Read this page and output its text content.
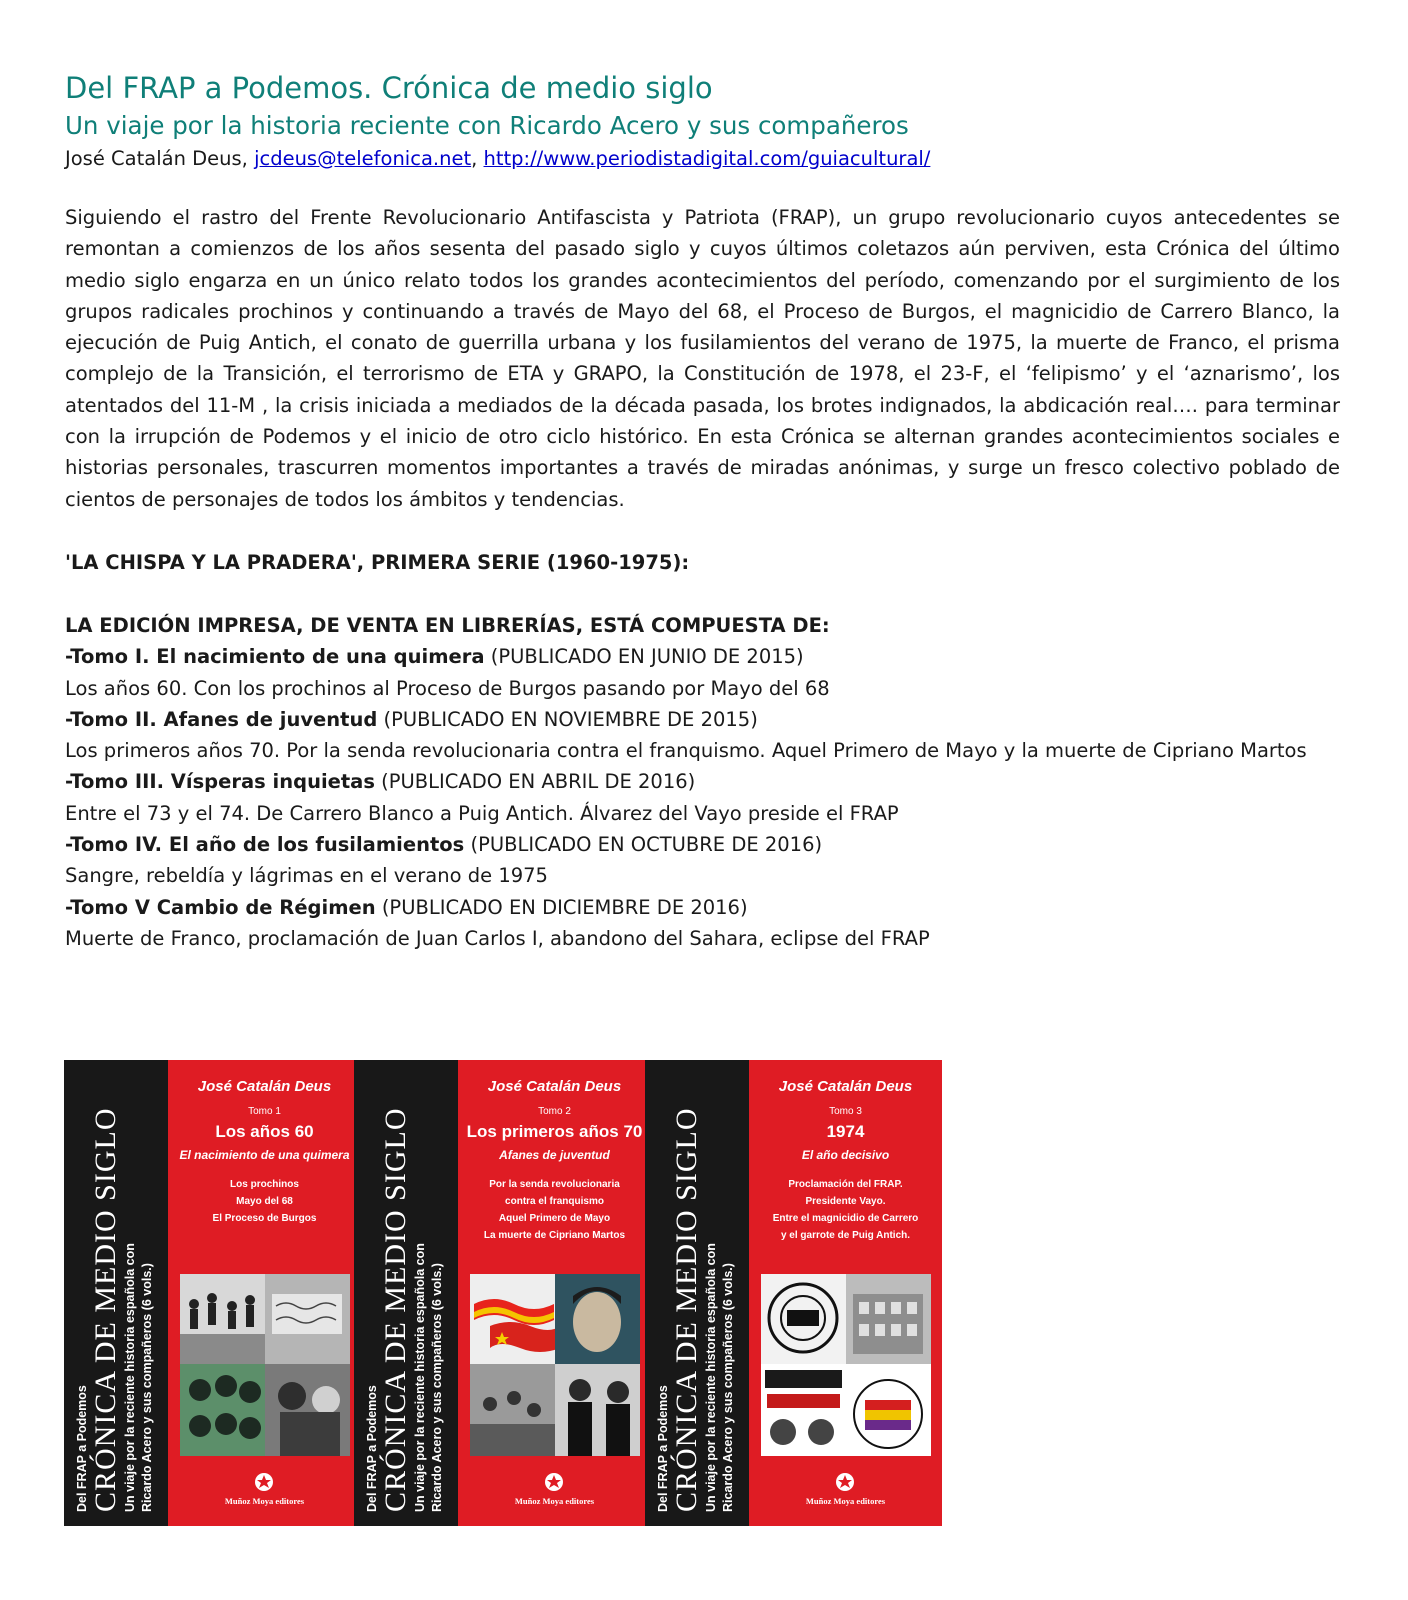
Del FRAP a Podemos. Crónica de medio siglo
Un viaje por la historia reciente con Ricardo Acero y sus compañeros

José Catalán Deus, jcdeus@telefonica.net, http://www.periodistadigital.com/guiacultural/

Siguiendo el rastro del Frente Revolucionario Antifascista y Patriota (FRAP), un grupo revolucionario cuyos antecedentes se remontan a comienzos de los años sesenta del pasado siglo y cuyos últimos coletazos aún perviven, esta Crónica del último medio siglo engarza en un único relato todos los grandes acontecimientos del período, comenzando por el surgimiento de los grupos radicales prochinos y continuando a través de Mayo del 68, el Proceso de Burgos, el magnicidio de Carrero Blanco, la ejecución de Puig Antich, el conato de guerrilla urbana y los fusilamientos del verano de 1975, la muerte de Franco, el prisma complejo de la Transición, el terrorismo de ETA y GRAPO, la Constitución de 1978, el 23-F, el ‘felipismo’ y el ‘aznarismo’, los atentados del 11-M , la crisis iniciada a mediados de la década pasada, los brotes indignados, la abdicación real…. para terminar con la irrupción de Podemos y el inicio de otro ciclo histórico. En esta Crónica se alternan grandes acontecimientos sociales e historias personales, trascurren momentos importantes a través de miradas anónimas, y surge un fresco colectivo poblado de cientos de personajes de todos los ámbitos y tendencias.

'LA CHISPA Y LA PRADERA', PRIMERA SERIE (1960-1975):

LA EDICIÓN IMPRESA, DE VENTA EN LIBRERÍAS, ESTÁ COMPUESTA DE:
-Tomo I. El nacimiento de una quimera (PUBLICADO EN JUNIO DE 2015)
Los años 60. Con los prochinos al Proceso de Burgos pasando por Mayo del 68
-Tomo II. Afanes de juventud (PUBLICADO EN NOVIEMBRE DE 2015)
Los primeros años 70. Por la senda revolucionaria contra el franquismo. Aquel Primero de Mayo y la muerte de Cipriano Martos
-Tomo III. Vísperas inquietas (PUBLICADO EN ABRIL DE 2016)
Entre el 73 y el 74. De Carrero Blanco a Puig Antich. Álvarez del Vayo preside el FRAP
-Tomo IV. El año de los fusilamientos (PUBLICADO EN OCTUBRE DE 2016)
Sangre, rebeldía y lágrimas en el verano de 1975
-Tomo V Cambio de Régimen (PUBLICADO EN DICIEMBRE DE 2016)
Muerte de Franco, proclamación de Juan Carlos I, abandono del Sahara, eclipse del FRAP
Del FRAP a Podemos CRÓNICA DE MEDIO SIGLO Un viaje por la reciente historia española con Ricardo Acero y sus compañeros (6 vols.)
José Catalán Deus
Tomo 1
Los años 60
El nacimiento de una quimera
Los prochinos
Mayo del 68
El Proceso de Burgos
Muñoz Moya editores	Del FRAP a Podemos CRÓNICA DE MEDIO SIGLO Un viaje por la reciente historia española con Ricardo Acero y sus compañeros (6 vols.)
José Catalán Deus
Tomo 2
Los primeros años 70
Afanes de juventud
Por la senda revolucionaria
contra el franquismo
Aquel Primero de Mayo
La muerte de Cipriano Martos
Muñoz Moya editores	Del FRAP a Podemos CRÓNICA DE MEDIO SIGLO Un viaje por la reciente historia española con Ricardo Acero y sus compañeros (6 vols.)
José Catalán Deus
Tomo 3
1974
El año decisivo
Proclamación del FRAP.
Presidente Vayo.
Entre el magnicidio de Carrero
y el garrote de Puig Antich.
Muñoz Moya editores
